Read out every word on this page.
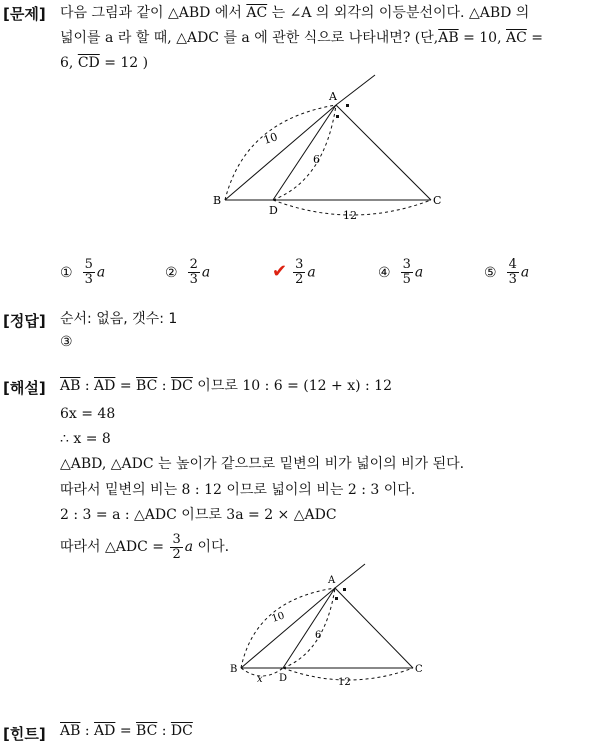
[문제] 다음 그림과 같이 △ABD 에서 $\overline{AC}$ 는 ∠A 의 외각의 이등분선이다. △ABD 의
넓이를 a 라 할 때, △ADC 를 a 에 관한 식으로 나타내면? (단$,\overline{AB} = 10$, $\overline{AC}$ =
6, $\overline{CD} = 12$ )
A
B
D
C
10
6
12
① $\frac{5}{3}$ a	② $\frac{2}{3}$ a	✔ $\frac{3}{2}$ a	④ $\frac{3}{5}$ a	⑤ $\frac{4}{3}$ a
[정답] 순서: 없음, 갯수: 1
③
[해설] $\overline{AB}$ : $\overline{AD} = \overline{BC}$ : $\overline{DC}$ 이므로 10 : 6 = (12 + x) : 12
6x = 48
∴ x = 8
△ABD, △ADC 는 높이가 같으므로 밑변의 비가 넓이의 비가 된다.
따라서 밑변의 비는 8 : 12 이므로 넓이의 비는 2 : 3 이다.
2 : 3 = a : △ADC 이므로 3a = 2 × △ADC
따라서 △ADC = $\frac{3}{2}$ a 이다.
A
B
D
C
10
6
12
x
[힌트] $\overline{AB}$ : $\overline{AD} = \overline{BC}$ : $\overline{DC}$
